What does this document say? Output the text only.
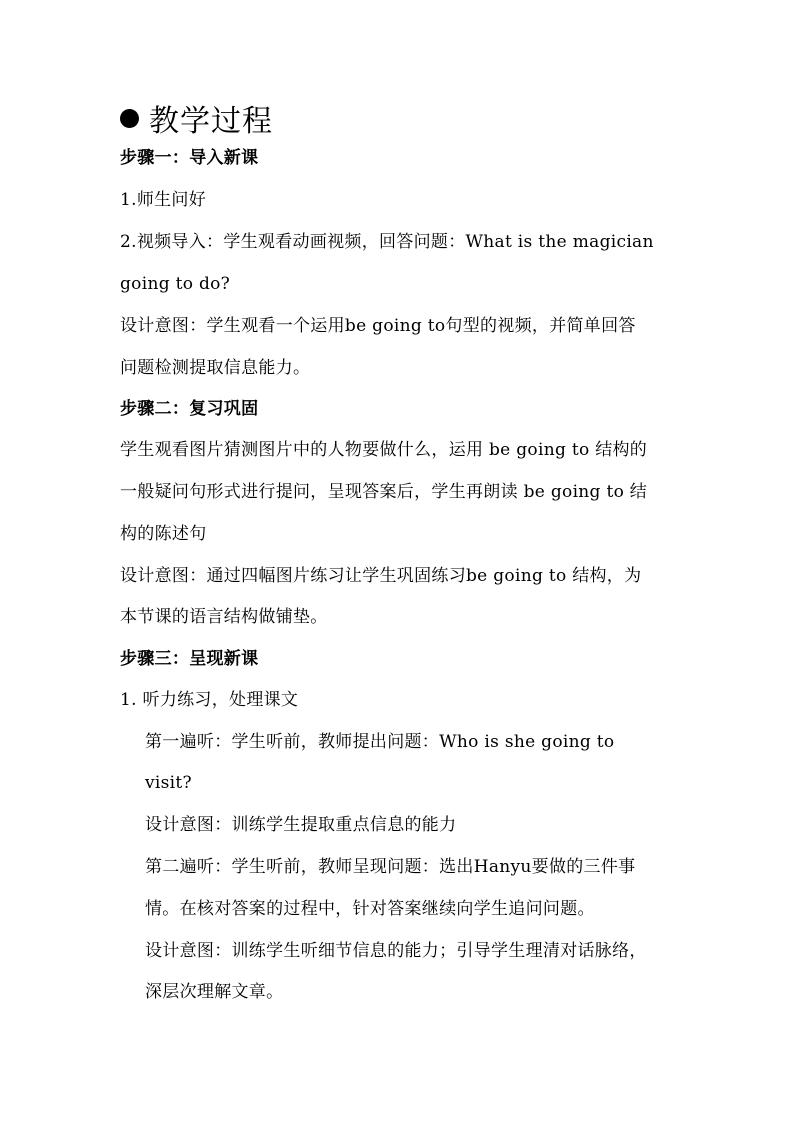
教学过程
步骤一：导入新课
1.师生问好
2.视频导入：学生观看动画视频，回答问题：What is the magician
going to do?
设计意图：学生观看一个运用be going to句型的视频，并简单回答
问题检测提取信息能力。
步骤二：复习巩固
学生观看图片猜测图片中的人物要做什么，运用 be going to 结构的
一般疑问句形式进行提问，呈现答案后，学生再朗读 be going to 结
构的陈述句
设计意图：通过四幅图片练习让学生巩固练习be going to 结构，为
本节课的语言结构做铺垫。
步骤三：呈现新课
1. 听力练习，处理课文
第一遍听：学生听前，教师提出问题：Who is she going to
visit?
设计意图：训练学生提取重点信息的能力
第二遍听：学生听前，教师呈现问题：选出Hanyu要做的三件事
情。在核对答案的过程中，针对答案继续向学生追问问题。
设计意图：训练学生听细节信息的能力；引导学生理清对话脉络，
深层次理解文章。
